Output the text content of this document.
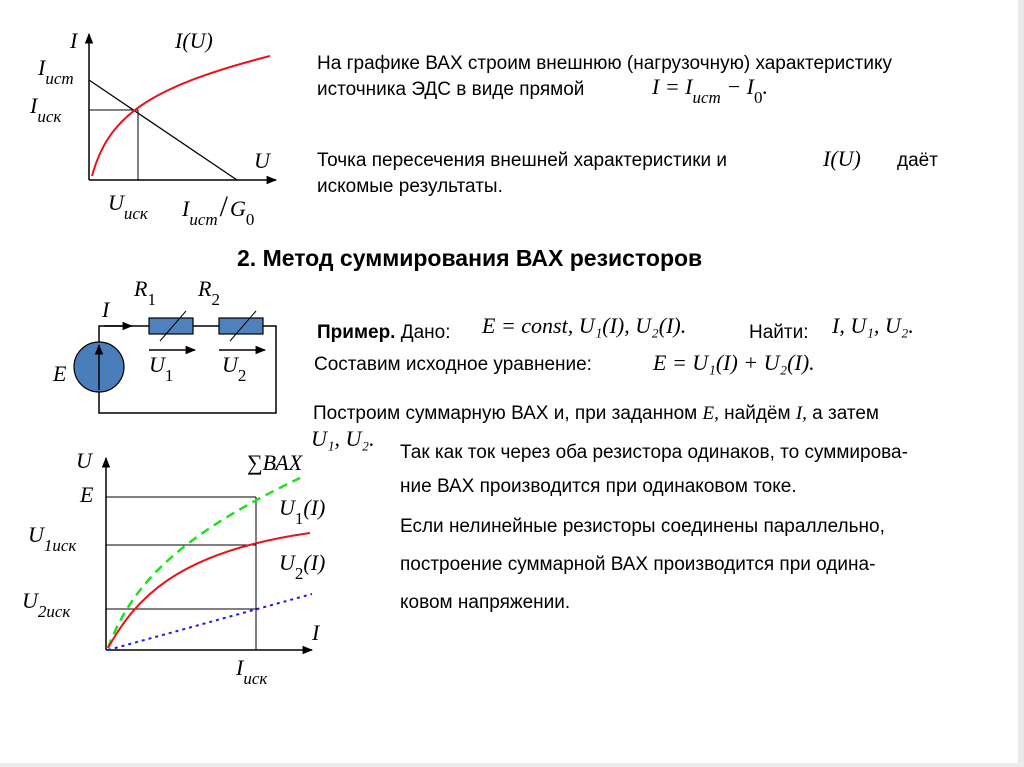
I	I(U)
$I_{ист}$
$I_{иск}$
U
$U_{иск}$ $I_{ист}/G_0$
На графике ВАХ строим внешнюю (нагрузочную) характеристику
источника ЭДС в виде прямой	$I = I_{ист} - I_0$.
Точка пересечения внешней характеристики и	I(U) даёт
искомые результаты.
2. Метод суммирования ВАХ резисторов
$R_1$ $R_2$
I
E	$U_1$ $U_2$
Пример. Дано: E = const, U₁(I), U₂(I).	Найти: I, U₁, U₂.
Составим исходное уравнение:	E = U₁(I) + U₂(I).
Построим суммарную ВАХ и, при заданном E, найдём I, а затем
U₁, U₂.
Так как ток через оба резистора одинаков, то суммирова-
ние ВАХ производится при одинаковом токе.
Если нелинейные резисторы соединены параллельно,
построение суммарной ВАХ производится при одина-
ковом напряжении.
U
E
∑ВАХ
$U_1(I)$
$U_2(I)$
$U_{1иск}$
$U_{2иск}$
I
$I_{иск}$
